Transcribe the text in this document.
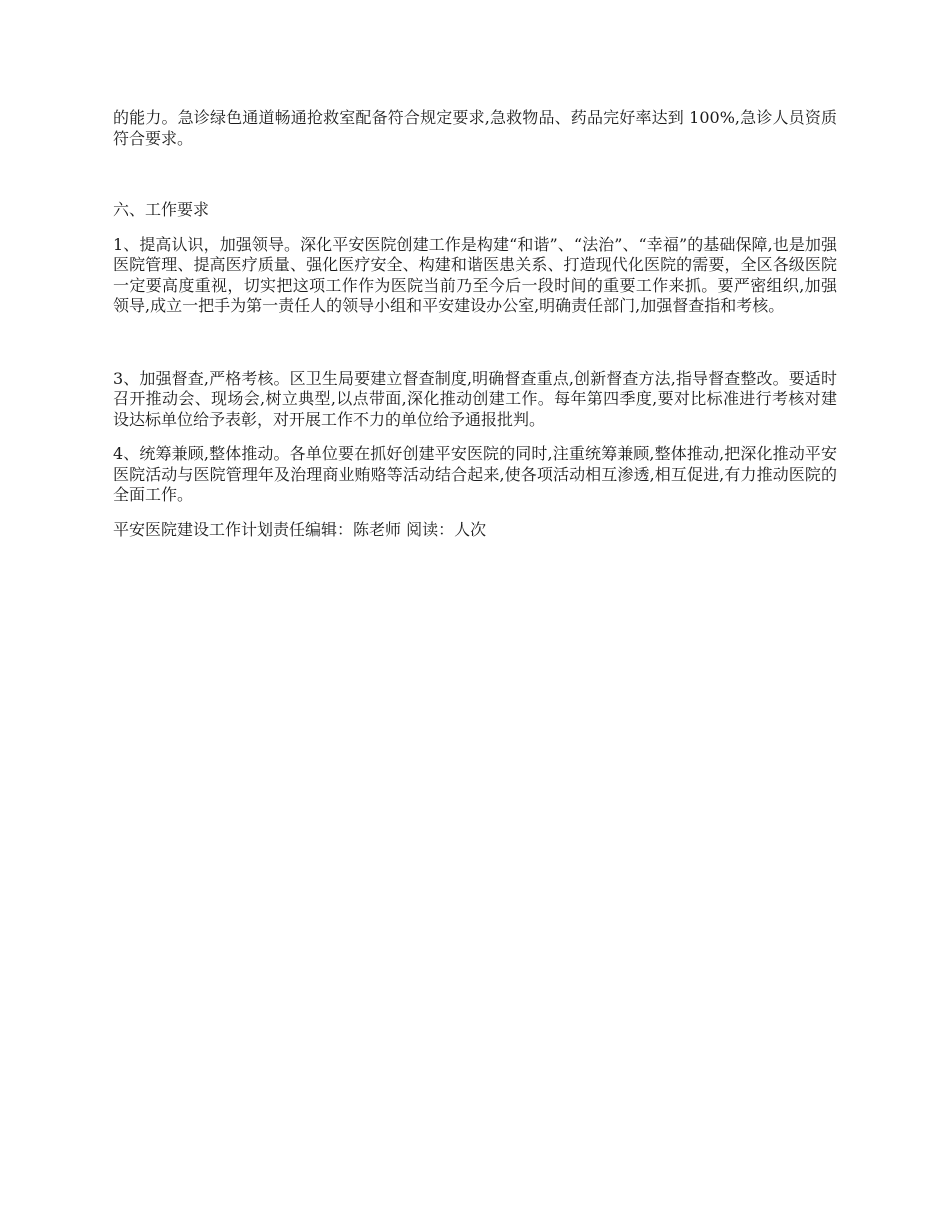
的能力。急诊绿色通道畅通抢救室配备符合规定要求,急救物品、药品完好率达到 100%,急诊人员资质符合要求。

六、工作要求

1、提高认识，加强领导。深化平安医院创建工作是构建“和谐”、“法治”、“幸福”的基础保障,也是加强医院管理、提高医疗质量、强化医疗安全、构建和谐医患关系、打造现代化医院的需要，全区各级医院一定要高度重视，切实把这项工作作为医院当前乃至今后一段时间的重要工作来抓。要严密组织,加强领导,成立一把手为第一责任人的领导小组和平安建设办公室,明确责任部门,加强督查指和考核。

3、加强督查,严格考核。区卫生局要建立督查制度,明确督查重点,创新督查方法,指导督查整改。要适时召开推动会、现场会,树立典型,以点带面,深化推动创建工作。每年第四季度,要对比标准进行考核对建设达标单位给予表彰，对开展工作不力的单位给予通报批判。

4、统筹兼顾,整体推动。各单位要在抓好创建平安医院的同时,注重统筹兼顾,整体推动,把深化推动平安医院活动与医院管理年及治理商业贿赂等活动结合起来,使各项活动相互渗透,相互促进,有力推动医院的全面工作。

平安医院建设工作计划责任编辑：陈老师 阅读：人次
